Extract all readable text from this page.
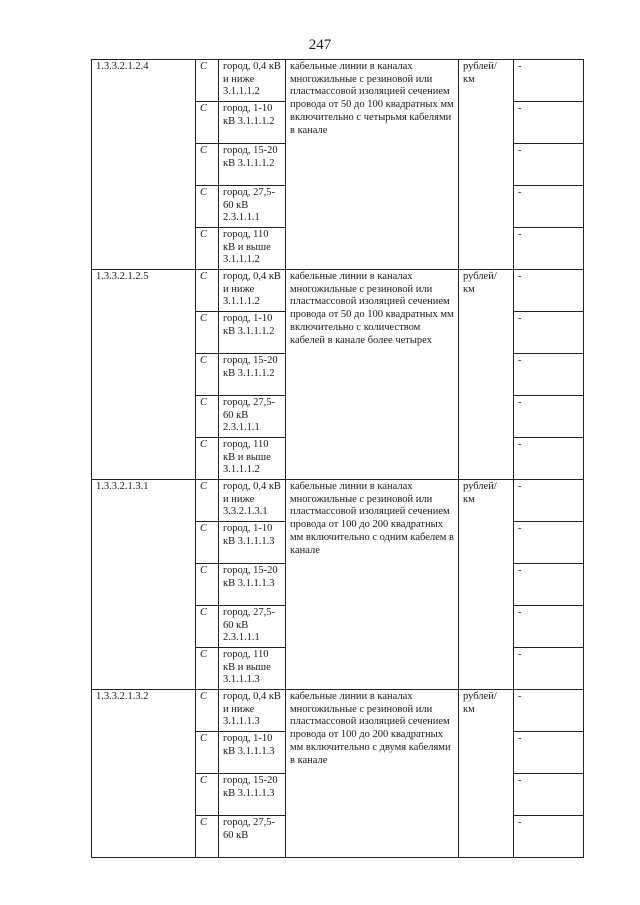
247
1.3.3.2.1.2.4	С	город, 0,4 кВ и ниже 3.1.1.1.2	кабельные линии в каналах многожильные с резиновой или пластмассовой изоляцией сечением провода от 50 до 100 квадратных мм включительно с четырьмя кабелями в канале	рублей/ км	-
	С	город, 1-10 кВ 3.1.1.1.2			-
	С	город, 15-20 кВ 3.1.1.1.2			-
	С	город, 27,5-60 кВ 2.3.1.1.1			-
	С	город, 110 кВ и выше 3.1.1.1.2			-
1.3.3.2.1.2.5	С	город, 0,4 кВ и ниже 3.1.1.1.2	кабельные линии в каналах многожильные с резиновой или пластмассовой изоляцией сечением провода от 50 до 100 квадратных мм включительно с количеством кабелей в канале более четырех	рублей/ км	-
	С	город, 1-10 кВ 3.1.1.1.2			-
	С	город, 15-20 кВ 3.1.1.1.2			-
	С	город, 27,5-60 кВ 2.3.1.1.1			-
	С	город, 110 кВ и выше 3.1.1.1.2			-
1.3.3.2.1.3.1	С	город, 0,4 кВ и ниже 3.3.2.1.3.1	кабельные линии в каналах многожильные с резиновой или пластмассовой изоляцией сечением провода от 100 до 200 квадратных мм включительно с одним кабелем в канале	рублей/ км	-
	С	город, 1-10 кВ 3.1.1.1.3			-
	С	город, 15-20 кВ 3.1.1.1.3			-
	С	город, 27,5-60 кВ 2.3.1.1.1			-
	С	город, 110 кВ и выше 3.1.1.1.3			-
1.3.3.2.1.3.2	С	город, 0,4 кВ и ниже 3.1.1.1.3	кабельные линии в каналах многожильные с резиновой или пластмассовой изоляцией сечением провода от 100 до 200 квадратных мм включительно с двумя кабелями в канале	рублей/ км	-
	С	город, 1-10 кВ 3.1.1.1.3			-
	С	город, 15-20 кВ 3.1.1.1.3			-
	С	город, 27,5-60 кВ			-
